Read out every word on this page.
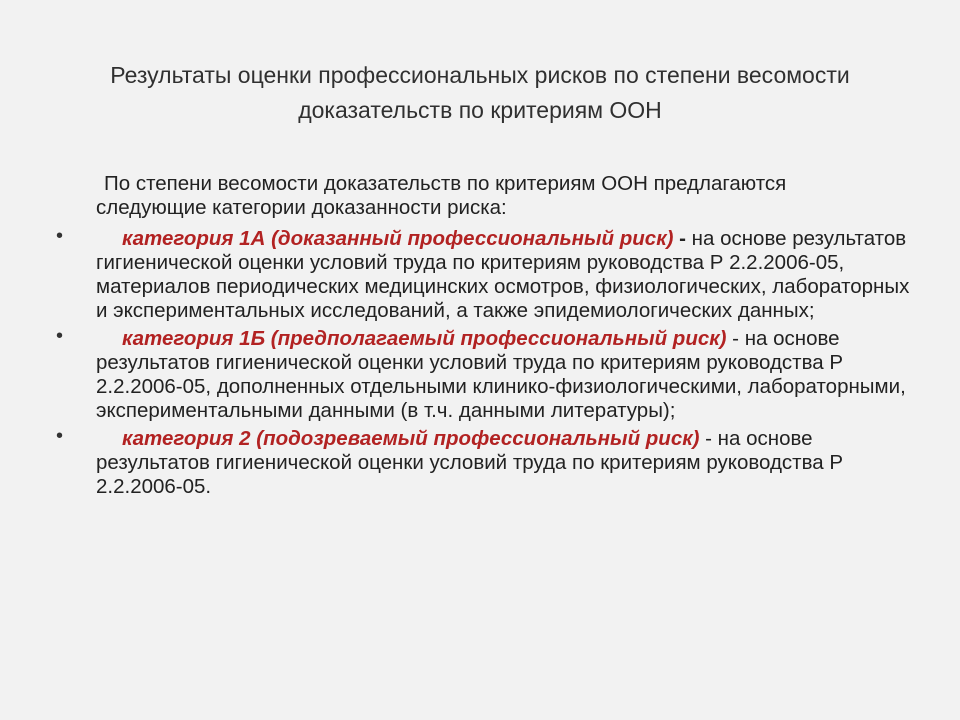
Результаты оценки профессиональных рисков по степени весомости доказательств по критериям ООН
По степени весомости доказательств по критериям ООН предлагаются следующие категории доказанности риска:
•	категория 1А (доказанный профессиональный риск) - на основе результатов гигиенической оценки условий труда по критериям руководства Р 2.2.2006-05, материалов периодических медицинских осмотров, физиологических, лабораторных и экспериментальных исследований, а также эпидемиологических данных;
•	категория 1Б (предполагаемый профессиональный риск) - на основе результатов гигиенической оценки условий труда по критериям руководства Р 2.2.2006-05, дополненных отдельными клинико-физиологическими, лабораторными, экспериментальными данными (в т.ч. данными литературы);
•	категория 2 (подозреваемый профессиональный риск) - на основе результатов гигиенической оценки условий труда по критериям руководства Р 2.2.2006-05.
